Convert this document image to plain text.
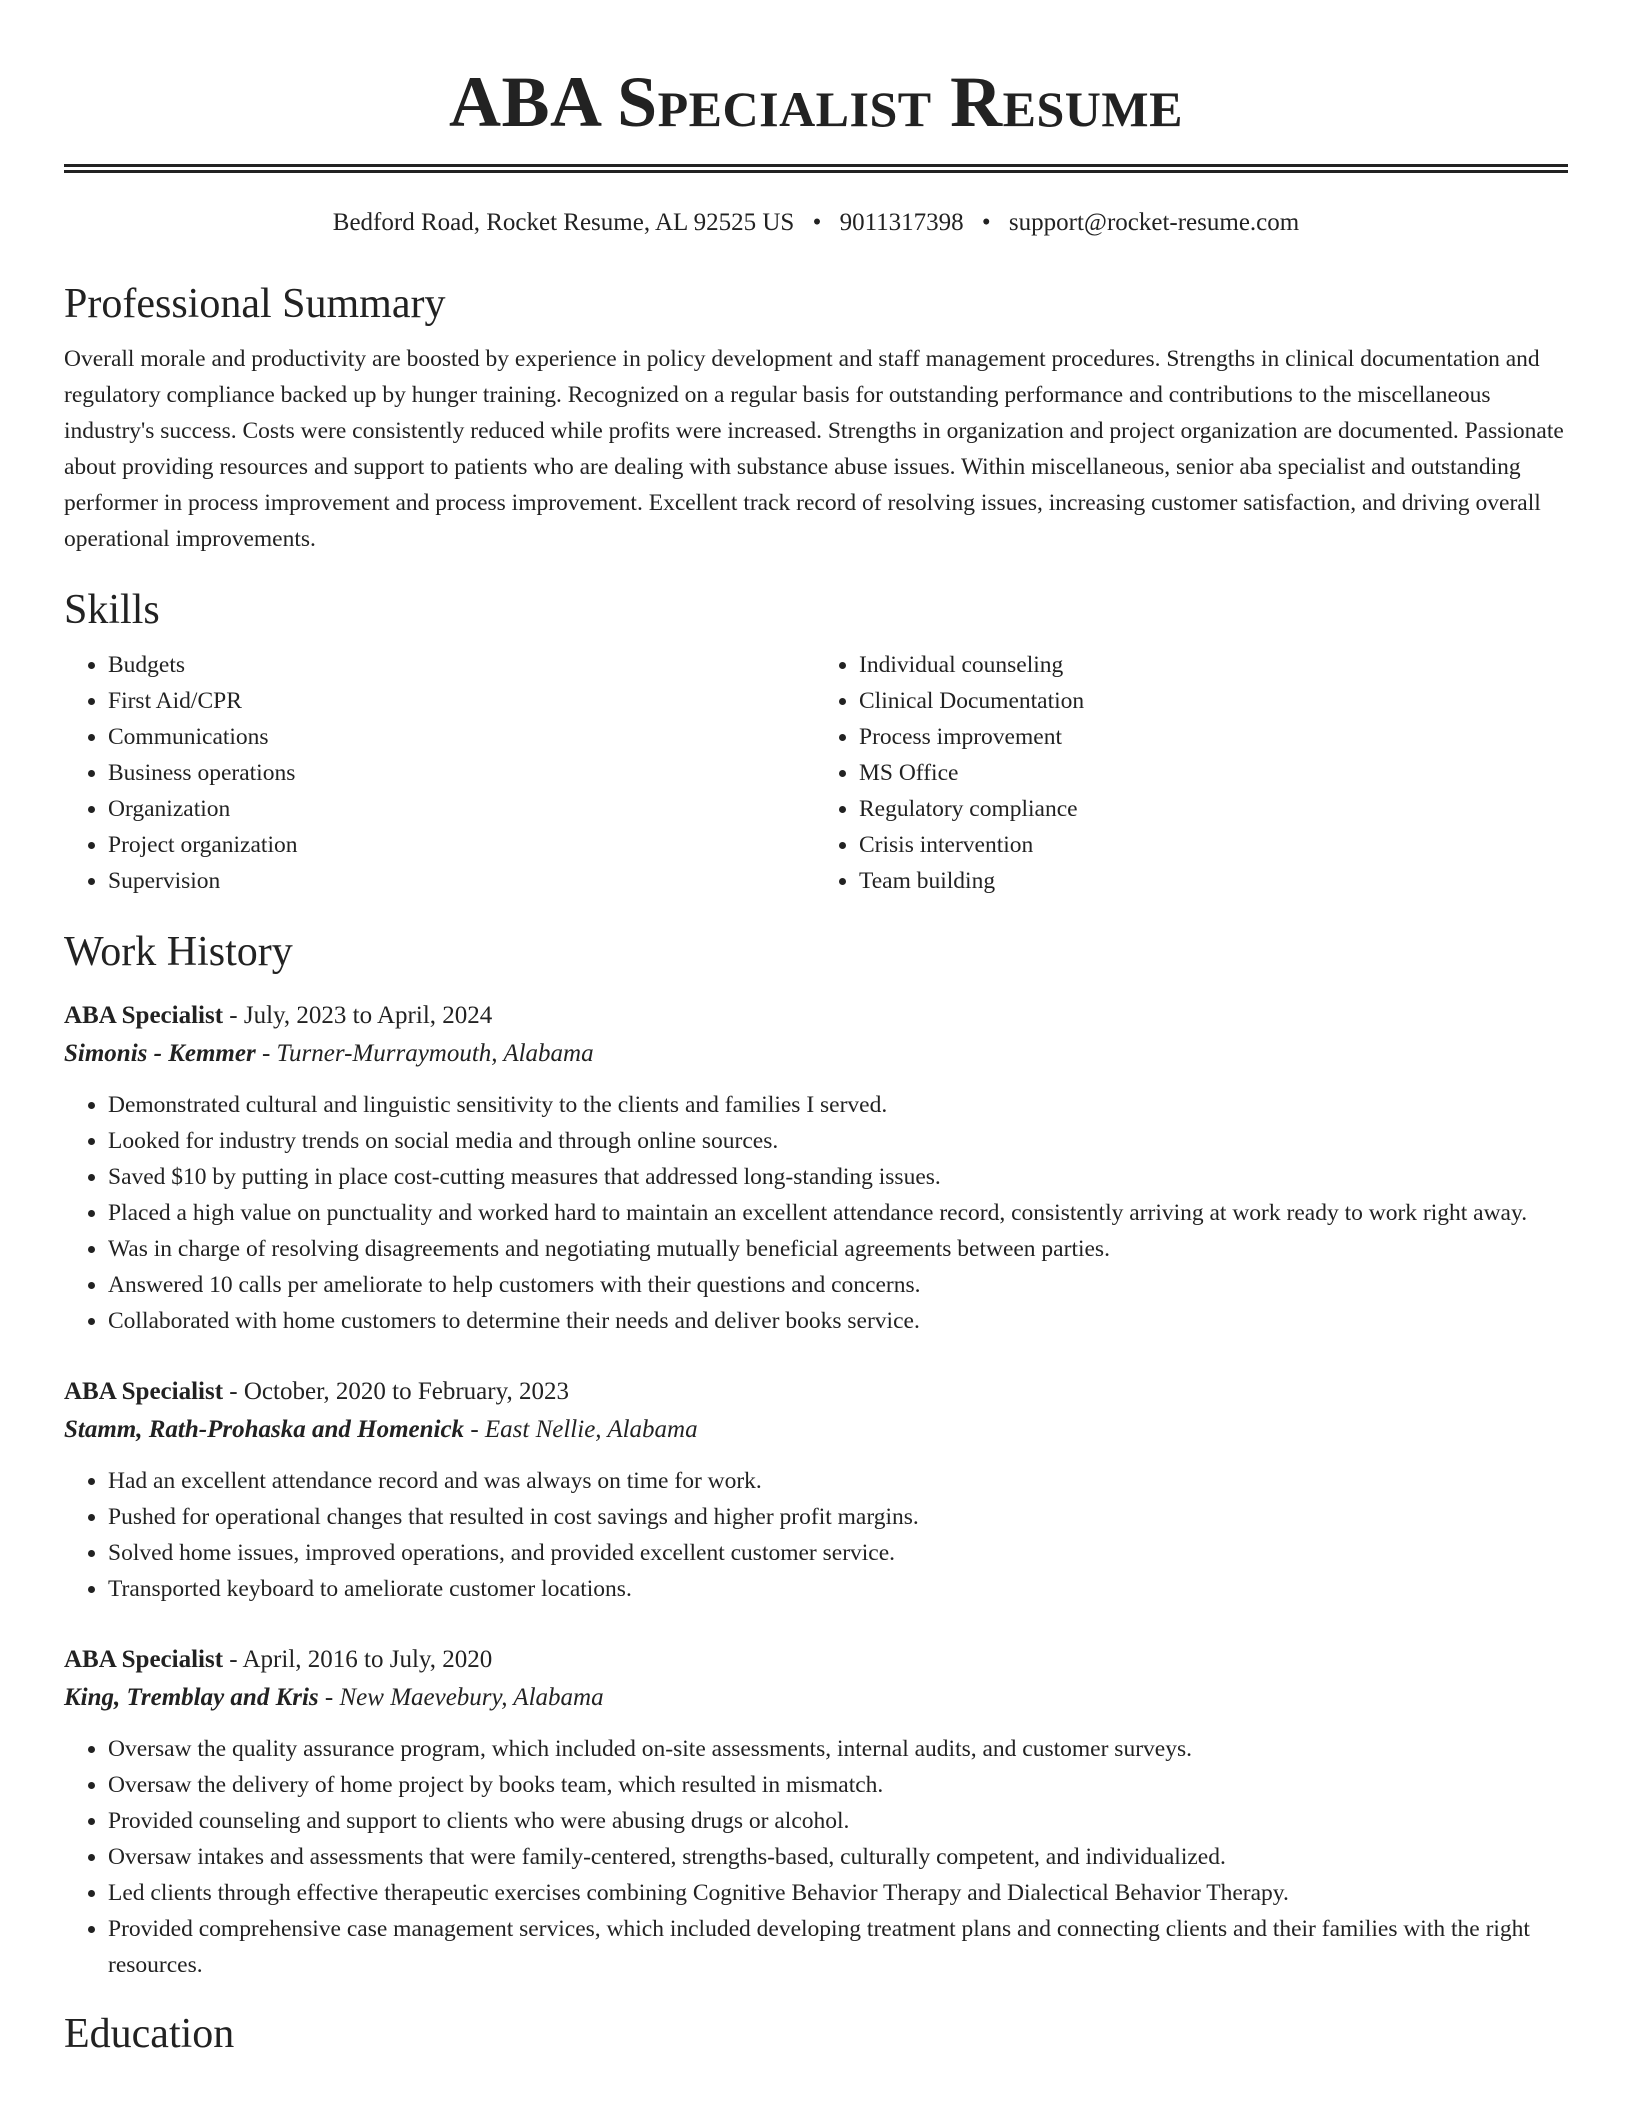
ABA Specialist Resume
Bedford Road, Rocket Resume, AL 92525 US • 9011317398 • support@rocket-resume.com
Professional Summary

Overall morale and productivity are boosted by experience in policy development and staff management procedures. Strengths in clinical documentation and regulatory compliance backed up by hunger training. Recognized on a regular basis for outstanding performance and contributions to the miscellaneous industry's success. Costs were consistently reduced while profits were increased. Strengths in organization and project organization are documented. Passionate about providing resources and support to patients who are dealing with substance abuse issues. Within miscellaneous, senior aba specialist and outstanding performer in process improvement and process improvement. Excellent track record of resolving issues, increasing customer satisfaction, and driving overall operational improvements.

Skills
• Budgets
• First Aid/CPR
• Communications
• Business operations
• Organization
• Project organization
• Supervision
• Individual counseling
• Clinical Documentation
• Process improvement
• MS Office
• Regulatory compliance
• Crisis intervention
• Team building
Work History
ABA Specialist - July, 2023 to April, 2024
Simonis - Kemmer - Turner-Murraymouth, Alabama
• Demonstrated cultural and linguistic sensitivity to the clients and families I served.
• Looked for industry trends on social media and through online sources.
• Saved $10 by putting in place cost-cutting measures that addressed long-standing issues.
• Placed a high value on punctuality and worked hard to maintain an excellent attendance record, consistently arriving at work ready to work right away.
• Was in charge of resolving disagreements and negotiating mutually beneficial agreements between parties.
• Answered 10 calls per ameliorate to help customers with their questions and concerns.
• Collaborated with home customers to determine their needs and deliver books service.
ABA Specialist - October, 2020 to February, 2023
Stamm, Rath-Prohaska and Homenick - East Nellie, Alabama
• Had an excellent attendance record and was always on time for work.
• Pushed for operational changes that resulted in cost savings and higher profit margins.
• Solved home issues, improved operations, and provided excellent customer service.
• Transported keyboard to ameliorate customer locations.
ABA Specialist - April, 2016 to July, 2020
King, Tremblay and Kris - New Maevebury, Alabama
• Oversaw the quality assurance program, which included on-site assessments, internal audits, and customer surveys.
• Oversaw the delivery of home project by books team, which resulted in mismatch.
• Provided counseling and support to clients who were abusing drugs or alcohol.
• Oversaw intakes and assessments that were family-centered, strengths-based, culturally competent, and individualized.
• Led clients through effective therapeutic exercises combining Cognitive Behavior Therapy and Dialectical Behavior Therapy.
• Provided comprehensive case management services, which included developing treatment plans and connecting clients and their families with the right resources.
Education
